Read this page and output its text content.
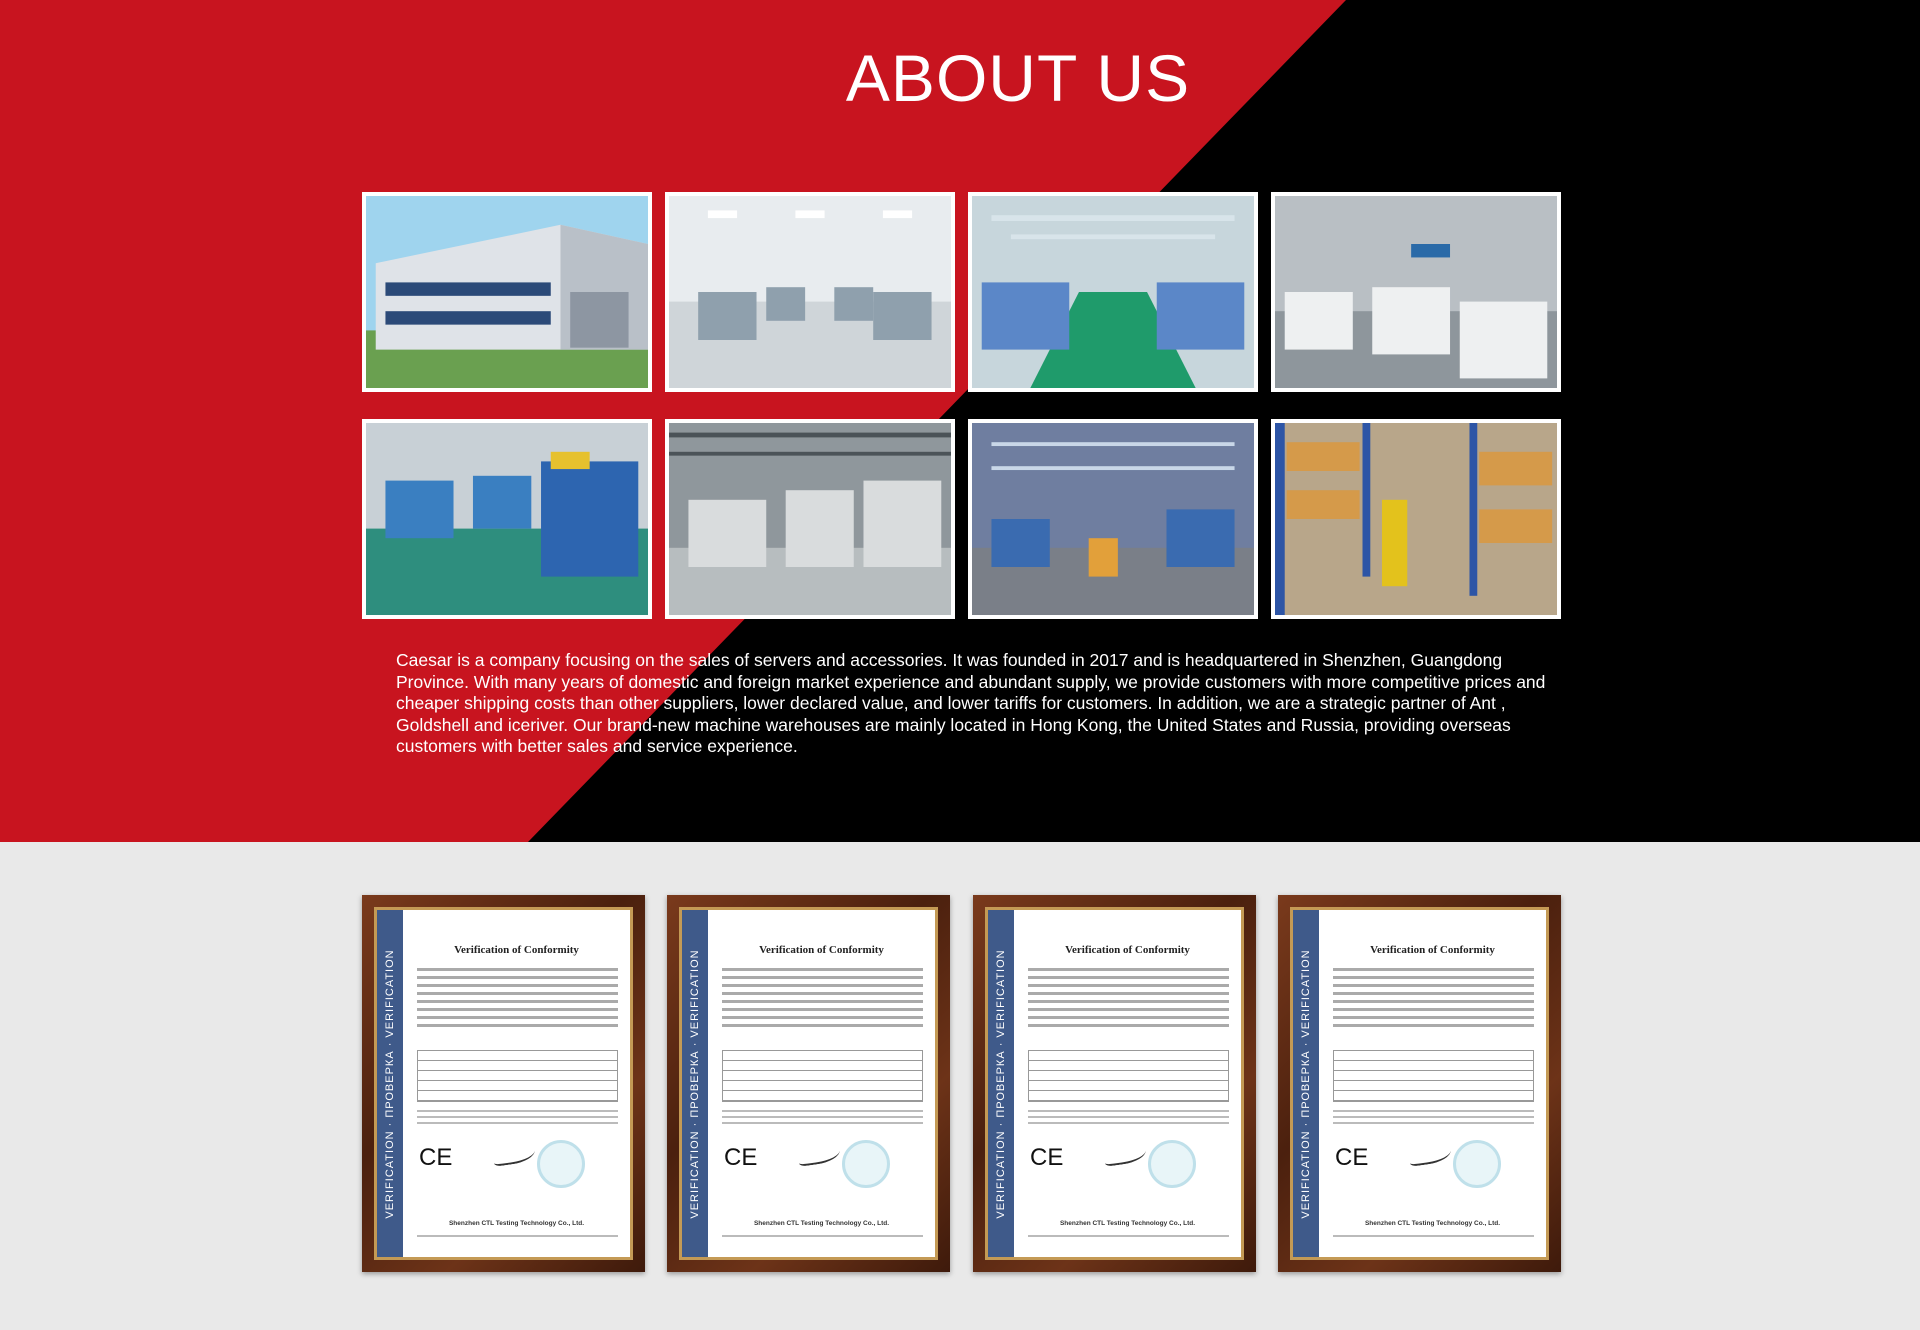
ABOUT US

Caesar is a company focusing on the sales of servers and accessories. It was founded in 2017 and is headquartered in Shenzhen, Guangdong Province. With many years of domestic and foreign market experience and abundant supply, we provide customers with more competitive prices and cheaper shipping costs than other suppliers, lower declared value, and lower tariffs for customers. In addition, we are a strategic partner of Ant , Goldshell and iceriver. Our brand-new machine warehouses are mainly located in Hong Kong, the United States and Russia, providing overseas customers with better sales and service experience.

VERIFICATION · ПРОВЕРКА · VERIFICATION	Verification of Conformity
CE
Shenzhen CTL Testing Technology Co., Ltd.
VERIFICATION · ПРОВЕРКА · VERIFICATION	Verification of Conformity
CE
Shenzhen CTL Testing Technology Co., Ltd.
VERIFICATION · ПРОВЕРКА · VERIFICATION	Verification of Conformity
CE
Shenzhen CTL Testing Technology Co., Ltd.
VERIFICATION · ПРОВЕРКА · VERIFICATION	Verification of Conformity
CE
Shenzhen CTL Testing Technology Co., Ltd.
